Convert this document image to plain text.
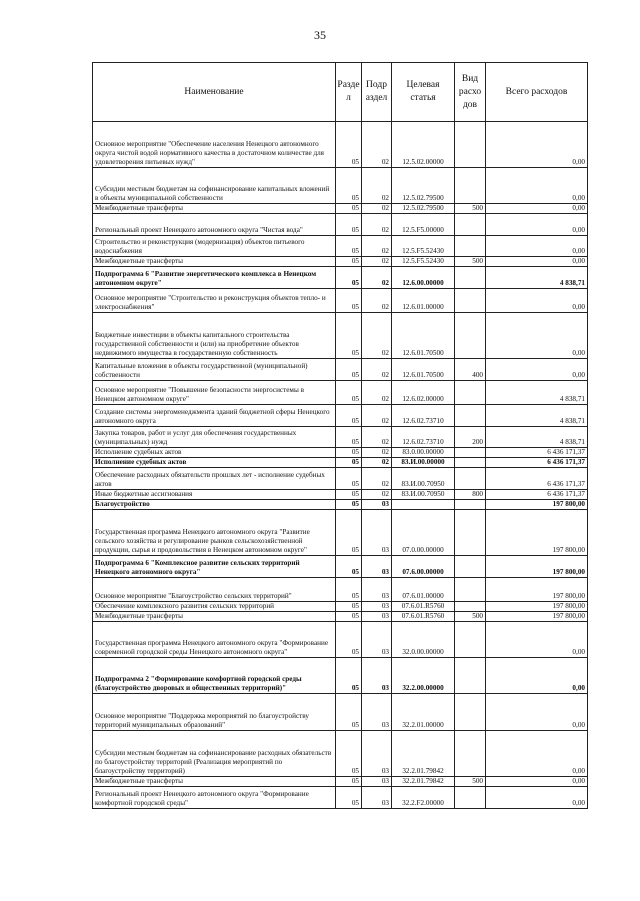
35
Наименование	Разде л	Подр аздел	Целевая статья	Вид расхо дов	Всего расходов
Основное мероприятие "Обеспечение населения Ненецкого автономного округа чистой водой нормативного качества в достаточном количестве для удовлетворения питьевых нужд"	05	02	12.5.02.00000		0,00
Субсидии местным бюджетам на софинансирование капитальных вложений в объекты муниципальной собственности	05	02	12.5.02.79500		0,00
Межбюджетные трансферты	05	02	12.5.02.79500	500	0,00
Региональный проект Ненецкого автономного округа "Чистая вода"	05	02	12.5.F5.00000		0,00
Строительство и реконструкция (модернизация) объектов питьевого водоснабжения	05	02	12.5.F5.52430		0,00
Межбюджетные трансферты	05	02	12.5.F5.52430	500	0,00
Подпрограмма 6 "Развитие энергетического комплекса в Ненецком автономном округе"	05	02	12.6.00.00000		4 838,71
Основное мероприятие "Строительство и реконструкция объектов тепло- и электроснабжения"	05	02	12.6.01.00000		0,00
Бюджетные инвестиции в объекты капитального строительства государственной собственности и (или) на приобретение объектов недвижимого имущества в государственную собственность	05	02	12.6.01.70500		0,00
Капитальные вложения в объекты государственной (муниципальной) собственности	05	02	12.6.01.70500	400	0,00
Основное мероприятие "Повышение безопасности энергосистемы в Ненецком автономном округе"	05	02	12.6.02.00000		4 838,71
Создание системы энергоменеджмента зданий бюджетной сферы Ненецкого автономного округа	05	02	12.6.02.73710		4 838,71
Закупка товаров, работ и услуг для обеспечения государственных (муниципальных) нужд	05	02	12.6.02.73710	200	4 838,71
Исполнение судебных актов	05	02	83.0.00.00000		6 436 171,37
Исполнение судебных актов	05	02	83.И.00.00000		6 436 171,37
Обеспечение расходных обязательств прошлых лет - исполнение судебных актов	05	02	83.И.00.70950		6 436 171,37
Иные бюджетные ассигнования	05	02	83.И.00.70950	800	6 436 171,37
Благоустройство	05	03			197 800,00
Государственная программа Ненецкого автономного округа "Развитие сельского хозяйства и регулирование рынков сельскохозяйственной продукции, сырья и продовольствия в Ненецком автономном округе"	05	03	07.0.00.00000		197 800,00
Подпрограмма 6 "Комплексное развитие сельских территорий Ненецкого автономного округа"	05	03	07.6.00.00000		197 800,00
Основное мероприятие "Благоустройство сельских территорий"	05	03	07.6.01.00000		197 800,00
Обеспечение комплексного развития сельских территорий	05	03	07.6.01.R5760		197 800,00
Межбюджетные трансферты	05	03	07.6.01.R5760	500	197 800,00
Государственная программа Ненецкого автономного округа "Формирование современной городской среды Ненецкого автономного округа"	05	03	32.0.00.00000		0,00
Подпрограмма 2 "Формирование комфортной городской среды (благоустройство дворовых и общественных территорий)"	05	03	32.2.00.00000		0,00
Основное мероприятие "Поддержка мероприятий по благоустройству территорий муниципальных образований"	05	03	32.2.01.00000		0,00
Субсидии местным бюджетам на софинансирование расходных обязательств по благоустройству территорий (Реализация мероприятий по благоустройству территорий)	05	03	32.2.01.79842		0,00
Межбюджетные трансферты	05	03	32.2.01.79842	500	0,00
Региональный проект Ненецкого автономного округа "Формирование комфортной городской среды"	05	03	32.2.F2.00000		0,00
